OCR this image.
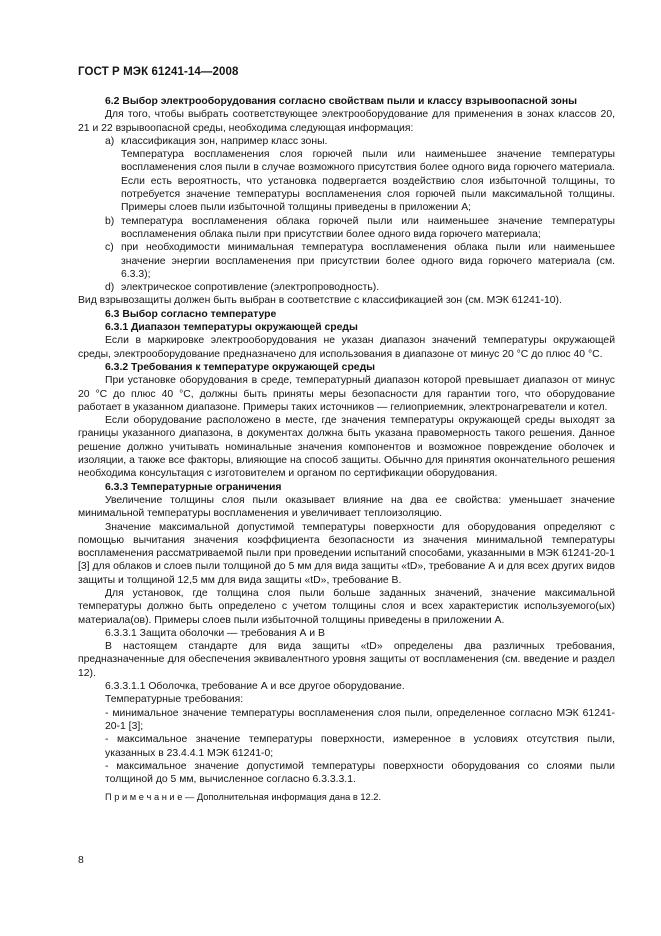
ГОСТ Р МЭК 61241-14—2008

6.2 Выбор электрооборудования согласно свойствам пыли и классу взрывоопасной зоны

Для того, чтобы выбрать соответствующее электрооборудование для применения в зонах классов 20, 21 и 22 взрывоопасной среды, необходима следующая информация:

а) классификация зон, например класс зоны.

Температура воспламенения слоя горючей пыли или наименьшее значение температуры воспламенения слоя пыли в случае возможного присутствия более одного вида горючего материала. Если есть вероятность, что установка подвергается воздействию слоя избыточной толщины, то потребуется значение температуры воспламенения слоя горючей пыли максимальной толщины. Примеры слоев пыли избыточной толщины приведены в приложении А;

b) температура воспламенения облака горючей пыли или наименьшее значение температуры воспламенения облака пыли при присутствии более одного вида горючего материала;
с) при необходимости минимальная температура воспламенения облака пыли или наименьшее значение энергии воспламенения при присутствии более одного вида горючего материала (см. 6.3.3);
d) электрическое сопротивление (электропроводность).

Вид взрывозащиты должен быть выбран в соответствие с классификацией зон (см. МЭК 61241-10).

6.3 Выбор согласно температуре

6.3.1 Диапазон температуры окружающей среды

Если в маркировке электрооборудования не указан диапазон значений температуры окружающей среды, электрооборудование предназначено для использования в диапазоне от минус 20 °С до плюс 40 °С.

6.3.2 Требования к температуре окружающей среды

При установке оборудования в среде, температурный диапазон которой превышает диапазон от минус 20 °С до плюс 40 °С, должны быть приняты меры безопасности для гарантии того, что оборудование работает в указанном диапазоне. Примеры таких источников — гелиоприемник, электронагреватели и котел.

Если оборудование расположено в месте, где значения температуры окружающей среды выходят за границы указанного диапазона, в документах должна быть указана правомерность такого решения. Данное решение должно учитывать номинальные значения компонентов и возможное повреждение оболочек и изоляции, а также все факторы, влияющие на способ защиты. Обычно для принятия окончательного решения необходима консультация с изготовителем и органом по сертификации оборудования.

6.3.3 Температурные ограничения

Увеличение толщины слоя пыли оказывает влияние на два ее свойства: уменьшает значение минимальной температуры воспламенения и увеличивает теплоизоляцию.

Значение максимальной допустимой температуры поверхности для оборудования определяют с помощью вычитания значения коэффициента безопасности из значения минимальной температуры воспламенения рассматриваемой пыли при проведении испытаний способами, указанными в МЭК 61241-20-1 [3] для облаков и слоев пыли толщиной до 5 мм для вида защиты «tD», требование А и для всех других видов защиты и толщиной 12,5 мм для вида защиты «tD», требование В.

Для установок, где толщина слоя пыли больше заданных значений, значение максимальной температуры должно быть определено с учетом толщины слоя и всех характеристик используемого(ых) материала(ов). Примеры слоев пыли избыточной толщины приведены в приложении А.

6.3.3.1 Защита оболочки — требования А и В

В настоящем стандарте для вида защиты «tD» определены два различных требования, предназначенные для обеспечения эквивалентного уровня защиты от воспламенения (см. введение и раздел 12).

6.3.3.1.1 Оболочка, требование А и все другое оборудование.

Температурные требования:

- минимальное значение температуры воспламенения слоя пыли, определенное согласно МЭК 61241-20-1 [3];

- максимальное значение температуры поверхности, измеренное в условиях отсутствия пыли, указанных в 23.4.4.1 МЭК 61241-0;

- максимальное значение допустимой температуры поверхности оборудования со слоями пыли толщиной до 5 мм, вычисленное согласно 6.3.3.3.1.

П р и м е ч а н и е — Дополнительная информация дана в 12.2.

8
